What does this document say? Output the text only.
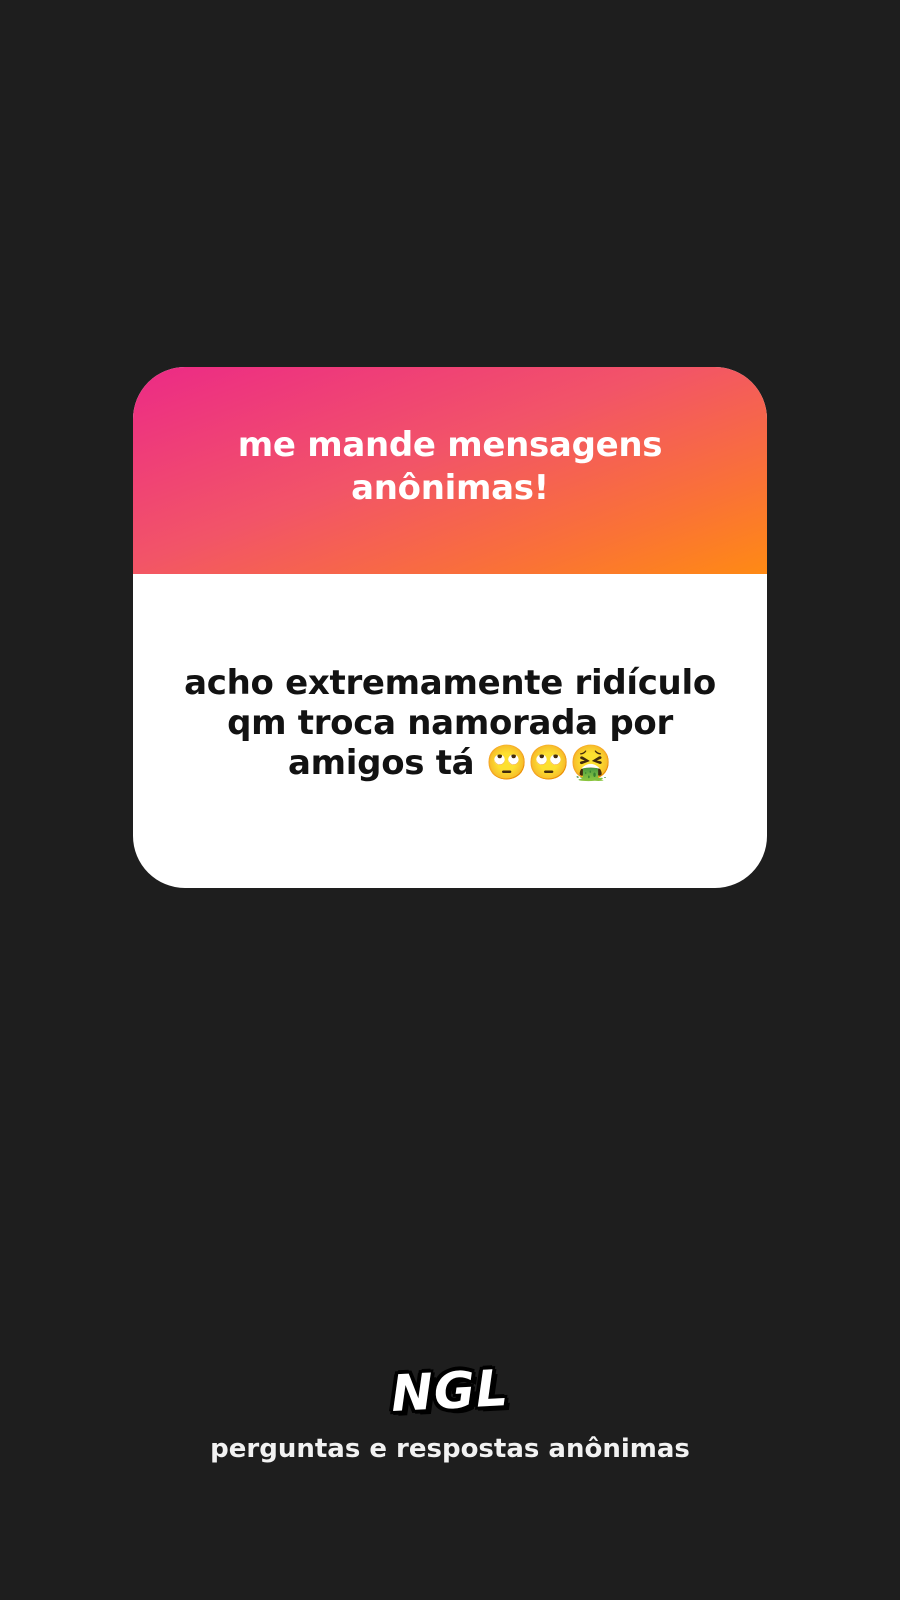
me mande mensagens anônimas!

acho extremamente ridículo qm troca namorada por amigos tá 🙄🙄🤮

NGL
perguntas e respostas anônimas
